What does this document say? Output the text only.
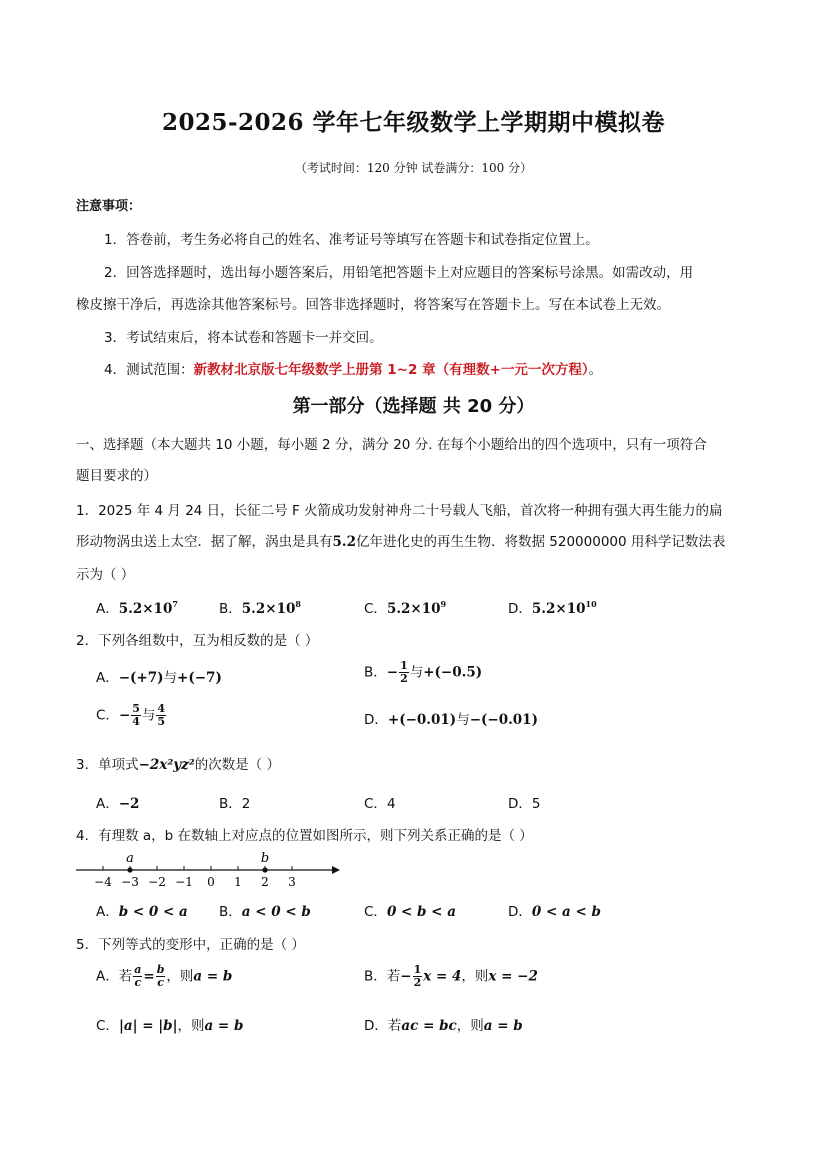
2025-2026 学年七年级数学上学期期中模拟卷
（考试时间：120 分钟 试卷满分：100 分）
注意事项：
1．答卷前，考生务必将自己的姓名、准考证号等填写在答题卡和试卷指定位置上。
2．回答选择题时，选出每小题答案后，用铅笔把答题卡上对应题目的答案标号涂黑。如需改动，用
橡皮擦干净后，再选涂其他答案标号。回答非选择题时，将答案写在答题卡上。写在本试卷上无效。
3．考试结束后，将本试卷和答题卡一并交回。
4．测试范围：新教材北京版七年级数学上册第 1~2 章（有理数+一元一次方程）。
第一部分（选择题 共 20 分）
一、选择题（本大题共 10 小题，每小题 2 分，满分 20 分. 在每个小题给出的四个选项中，只有一项符合
题目要求的）
1．2025 年 4 月 24 日，长征二号 F 火箭成功发射神舟二十号载人飞船，首次将一种拥有强大再生能力的扁
形动物涡虫送上太空．据了解，涡虫是具有5.2亿年进化史的再生生物．将数据 520000000 用科学记数法表
示为（ ）
A．$5.2\times 10^7$	B．$5.2\times 10^8$	C．$5.2\times 10^9$	D．$5.2\times 10^{10}$
2．下列各组数中，互为相反数的是（ ）
A．−(+7)与+(−7)	B．− $\frac{1}{2}$ 与+(−0.5)
C．− $\frac{5}{4}$ 与 $\frac{4}{5}$	D．+(−0.01)与−(−0.01)
3．单项式−2x²yz²的次数是（ ）
A．−2	B．2	C．4	D．5
4．有理数 a，b 在数轴上对应点的位置如图所示，则下列关系正确的是（ ）
−4 −3 −2 −1 0 1 2 3
a	b
A．b < 0 < a B．a < 0 < b	C．0 < b < a	D．0 < a < b
5．下列等式的变形中，正确的是（ ）
A．若 $\frac{a}{c} = \frac{b}{c}$ ，则a = b	B．若− $\frac{1}{2}$ x = 4，则x = −2
C．|a| = |b|，则a = b	D．若ac = bc，则a = b
